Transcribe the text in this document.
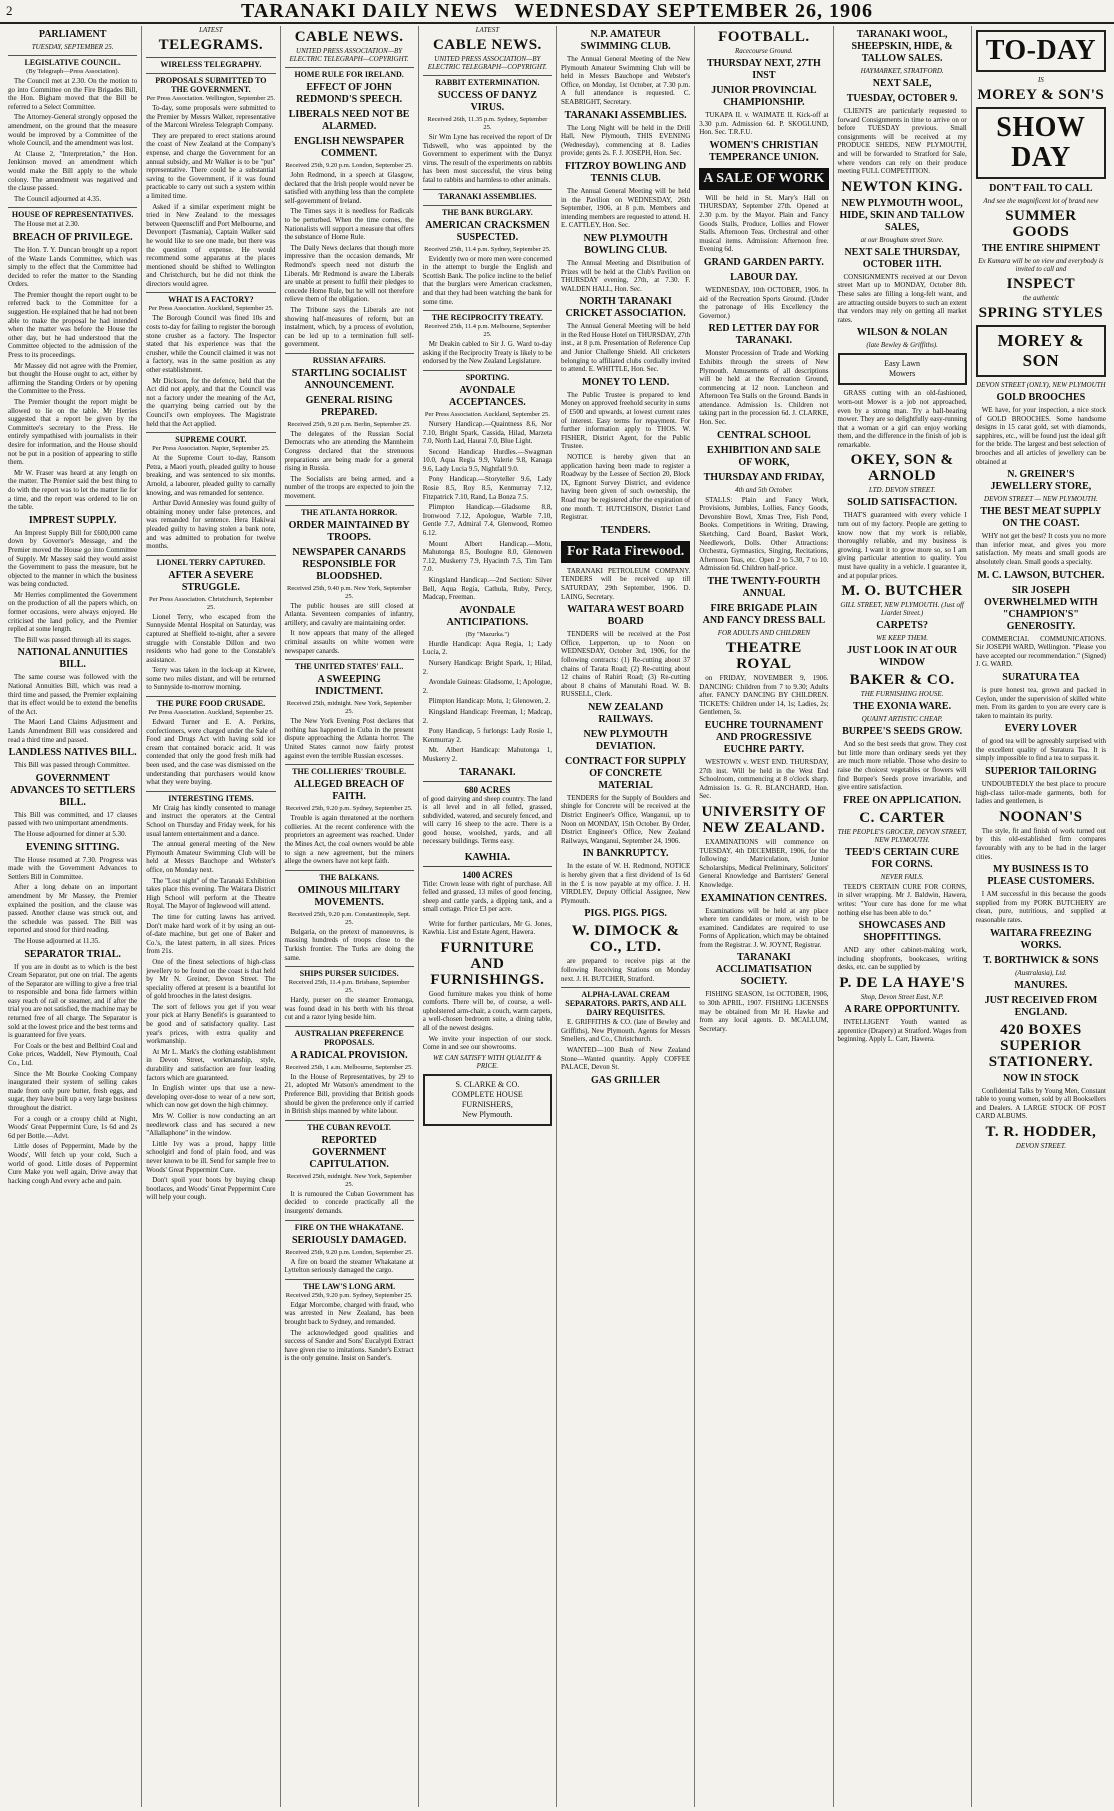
2	TARANAKI DAILY NEWS WEDNESDAY SEPTEMBER 26, 1906
PARLIAMENT
TUESDAY, SEPTEMBER 25.
LEGISLATIVE COUNCIL.
(By Telegraph—Press Association).

The Council met at 2.30. On the motion to go into Committee on the Fire Brigades Bill, the Hon. Bigham moved that the Bill be referred to a Select Committee.

The Attorney-General strongly opposed the amendment, on the ground that the measure would be improved by a Committee of the whole Council, and the amendment was lost.

At Clause 2, "Interpretation," the Hon. Jenkinson moved an amendment which would make the Bill apply to the whole colony. The amendment was negatived and the clause passed.

The Council adjourned at 4.35.

HOUSE OF REPRESENTATIVES.

The House met at 2.30.

BREACH OF PRIVILEGE.

The Hon. T. Y. Duncan brought up a report of the Waste Lands Committee, which was simply to the effect that the Committee had decided to refer the matter to the Standing Orders.

The Premier thought the report ought to be referred back to the Committee for a suggestion. He explained that he had not been able to make the proposal he had intended when the matter was before the House the other day, but he had understood that the Committee objected to the admission of the Press to its proceedings.

Mr Massey did not agree with the Premier, but thought the House ought to act, either by affirming the Standing Orders or by opening the Committee to the Press.

The Premier thought the report might be allowed to lie on the table. Mr Herries suggested that a report be given by the Committee's secretary to the Press. He entirely sympathised with journalists in their desire for information, and the House should not be put in a position of appearing to stifle them.

Mr W. Fraser was heard at any length on the matter. The Premier said the best thing to do with the report was to let the matter lie for a time, and the report was ordered to lie on the table.

IMPREST SUPPLY.

An Imprest Supply Bill for £600,000 came down by Governor's Message, and the Premier moved the House go into Committee of Supply. Mr Massey said they would assist the Government to pass the measure, but he objected to the manner in which the business was being conducted.

Mr Herries complimented the Government on the production of all the papers which, on former occasions, were always enjoyed. He criticised the land policy, and the Premier replied at some length.

The Bill was passed through all its stages.

NATIONAL ANNUITIES BILL.

The same course was followed with the National Annuities Bill, which was read a third time and passed, the Premier explaining that its effect would be to extend the benefits of the Act.

The Maori Land Claims Adjustment and Lands Amendment Bill was considered and read a third time and passed.

LANDLESS NATIVES BILL.

This Bill was passed through Committee.

GOVERNMENT ADVANCES TO SETTLERS BILL.

This Bill was committed, and 17 clauses passed with two unimportant amendments.

The House adjourned for dinner at 5.30.

EVENING SITTING.

The House resumed at 7.30. Progress was made with the Government Advances to Settlers Bill in Committee.

After a long debate on an important amendment by Mr Massey, the Premier explained the position, and the clause was passed. Another clause was struck out, and the schedule was passed. The Bill was reported and stood for third reading.

The House adjourned at 11.35.

SEPARATOR TRIAL.

If you are in doubt as to which is the best Cream Separator, put one on trial. The agents of the Separator are willing to give a free trial to responsible and bona fide farmers within easy reach of rail or steamer, and if after the trial you are not satisfied, the machine may be returned free of all charge. The Separator is sold at the lowest price and the best terms and is guaranteed for five years.

For Coals or the best and Bellbird Coal and Coke prices, Waddell, New Plymouth, Coal Co., Ltd.

Since the Mt Bourke Cooking Company inaugurated their system of selling cakes made from only pure butter, fresh eggs, and sugar, they have built up a very large business throughout the district.

For a cough or a croupy child at Night, Woods' Great Peppermint Cure, 1s 6d and 2s 6d per Bottle.—Advt.

Little doses of Peppermint, Made by the Woods', Will fetch up your cold, Such a world of good. Little doses of Peppermint Cure Make you well again, Drive away that hacking cough And every ache and pain.

LATEST
TELEGRAMS.
WIRELESS TELEGRAPHY.
PROPOSALS SUBMITTED TO THE GOVERNMENT.
Per Press Association. Wellington, September 25.

To-day, some proposals were submitted to the Premier by Messrs Walker, representative of the Marconi Wireless Telegraph Company.

They are prepared to erect stations around the coast of New Zealand at the Company's expense, and charge the Government for an annual subsidy, and Mr Walker is to be "put" representative. There could be a substantial saving to the Government, if it was found practicable to carry out such a system within a limited time.

Asked if a similar experiment might be tried in New Zealand to the messages between Queenscliff and Port Melbourne, and Devonport (Tasmania), Captain Walker said he would like to see one made, but there was the question of expense. He would recommend some apparatus at the places mentioned should be shifted to Wellington and Christchurch, but he did not think the directors would agree.

WHAT IS A FACTORY?
Per Press Association. Auckland, September 25.

The Borough Council was fined 10s and costs to-day for failing to register the borough stone crusher as a factory. The Inspector stated that his experience was that the crusher, while the Council claimed it was not a factory, was in the same position as any other establishment.

Mr Dickson, for the defence, held that the Act did not apply, and that the Council was not a factory under the meaning of the Act, the quarrying being carried out by the Council's own employees. The Magistrate held that the Act applied.

SUPREME COURT.
Per Press Association. Napier, September 25.

At the Supreme Court to-day, Ransom Petra, a Maori youth, pleaded guilty to house breaking, and was sentenced to six months. Arnold, a labourer, pleaded guilty to carnally knowing, and was remanded for sentence.

Arthur David Annesley was found guilty of obtaining money under false pretences, and was remanded for sentence. Hera Hakiwai pleaded guilty to having stolen a bank note, and was admitted to probation for twelve months.

LIONEL TERRY CAPTURED.
AFTER A SEVERE STRUGGLE.
Per Press Association. Christchurch, September 25.

Lionel Terry, who escaped from the Sunnyside Mental Hospital on Saturday, was captured at Sheffield to-night, after a severe struggle with Constable Dillon and two residents who had gone to the Constable's assistance.

Terry was taken in the lock-up at Kirwee, some two miles distant, and will be returned to Sunnyside to-morrow morning.

THE PURE FOOD CRUSADE.
Per Press Association. Auckland, September 25.

Edward Turner and E. A. Perkins, confectioners, were charged under the Sale of Food and Drugs Act with having sold ice cream that contained boracic acid. It was contended that only the good fresh milk had been used, and the case was dismissed on the understanding that purchasers would know what they were buying.

INTERESTING ITEMS.

Mr Craig has kindly consented to manage and instruct the operators at the Central School on Thursday and Friday week, for his usual lantern entertainment and a dance.

The annual general meeting of the New Plymouth Amateur Swimming Club will be held at Messrs Bauchope and Webster's office, on Monday next.

The "Lost night" of the Taranaki Exhibition takes place this evening. The Waitara District High School will perform at the Theatre Royal. The Mayor of Inglewood will attend.

The time for cutting lawns has arrived. Don't make hard work of it by using an out-of-date machine, but get one of Baker and Co.'s, the latest pattern, in all sizes. Prices from 21s.

One of the finest selections of high-class jewellery to be found on the coast is that held by Mr N. Greiner, Devon Street. The speciality offered at present is a beautiful lot of gold brooches in the latest designs.

The sort of fellows you get if you wear your pick at Harry Benefit's is guaranteed to be good and of satisfactory quality. Last year's prices, with extra quality and workmanship.

At Mr L. Mark's the clothing establishment in Devon Street, workmanship, style, durability and satisfaction are four leading factors which are guaranteed.

In English winter ups that use a new-developing over-dose to wear of a new sort, which can now get down the high chimney.

Mrs W. Collier is now conducting an art needlework class and has secured a new "Allallaphone" in the window.

Little Ivy was a proud, happy little schoolgirl and fond of plain food, and was never known to be ill. Send for sample free to Woods' Great Peppermint Cure.

Don't spoil your boots by buying cheap bootlaces, and Woods' Great Peppermint Cure will help your cough.

CABLE NEWS.
UNITED PRESS ASSOCIATION—BY ELECTRIC TELEGRAPH—COPYRIGHT.
HOME RULE FOR IRELAND.
EFFECT OF JOHN REDMOND'S SPEECH.
LIBERALS NEED NOT BE ALARMED.
ENGLISH NEWSPAPER COMMENT.
Received 25th, 9.20 p.m. London, September 25.

John Redmond, in a speech at Glasgow, declared that the Irish people would never be satisfied with anything less than the complete self-government of Ireland.

The Times says it is needless for Radicals to be perturbed. When the time comes, the Nationalists will support a measure that offers the substance of Home Rule.

The Daily News declares that though more impressive than the occasion demands, Mr Redmond's speech need not disturb the Liberals. Mr Redmond is aware the Liberals are unable at present to fulfil their pledges to concede Home Rule, but he will not therefore relieve them of the obligation.

The Tribune says the Liberals are not showing half-measures of reform, but an instalment, which, by a process of evolution, can be led up to a termination full self-government.

RUSSIAN AFFAIRS.
STARTLING SOCIALIST ANNOUNCEMENT.
GENERAL RISING PREPARED.
Received 25th, 9.20 p.m. Berlin, September 25.

The delegates of the Russian Social Democrats who are attending the Mannheim Congress declared that the strenuous preparations are being made for a general rising in Russia.

The Socialists are being armed, and a number of the troops are expected to join the movement.

THE ATLANTA HORROR.
ORDER MAINTAINED BY TROOPS.
NEWSPAPER CANARDS RESPONSIBLE FOR BLOODSHED.
Received 25th, 9.40 p.m. New York, September 25.

The public houses are still closed at Atlanta. Seventeen companies of infantry, artillery, and cavalry are maintaining order.

It now appears that many of the alleged criminal assaults on white women were newspaper canards.

THE UNITED STATES' FALL.
A SWEEPING INDICTMENT.
Received 25th, midnight. New York, September 25.

The New York Evening Post declares that nothing has happened in Cuba in the present dispute approaching the Atlanta horror. The United States cannot now fairly protest against even the terrible Russian excesses.

THE COLLIERIES' TROUBLE.
ALLEGED BREACH OF FAITH.
Received 25th, 9.20 p.m. Sydney, September 25.

Trouble is again threatened at the northern collieries. At the recent conference with the proprietors an agreement was reached. Under the Mines Act, the coal owners would be able to sign a new agreement, but the miners allege the owners have not kept faith.

THE BALKANS.
OMINOUS MILITARY MOVEMENTS.
Received 25th, 9.20 p.m. Constantinople, Sept. 25.

Bulgaria, on the pretext of manoeuvres, is massing hundreds of troops close to the Turkish frontier. The Turks are doing the same.

SHIPS PURSER SUICIDES.
Received 25th, 11.4 p.m. Brisbane, September 25.

Hardy, purser on the steamer Eromanga, was found dead in his berth with his throat cut and a razor lying beside him.

AUSTRALIAN PREFERENCE PROPOSALS.
A RADICAL PROVISION.
Received 25th, 1 a.m. Melbourne, September 25.

In the House of Representatives, by 29 to 21, adopted Mr Watson's amendment to the Preference Bill, providing that British goods should be given the preference only if carried in British ships manned by white labour.

THE CUBAN REVOLT.
REPORTED GOVERNMENT CAPITULATION.
Received 25th, midnight. New York, September 25.

It is rumoured the Cuban Government has decided to concede practically all the insurgents' demands.

FIRE ON THE WHAKATANE.
SERIOUSLY DAMAGED.
Received 25th, 9.20 p.m. London, September 25.

A fire on board the steamer Whakatane at Lyttelton seriously damaged the cargo.

THE LAW'S LONG ARM.
Received 25th, 9.20 p.m. Sydney, September 25.

Edgar Morcombe, charged with fraud, who was arrested in New Zealand, has been brought back to Sydney, and remanded.

The acknowledged good qualities and success of Sander and Sons' Eucalypti Extract have given rise to imitations. Sander's Extract is the only genuine. Insist on Sander's.

LATEST
CABLE NEWS.
UNITED PRESS ASSOCIATION—BY ELECTRIC TELEGRAPH—COPYRIGHT.
RABBIT EXTERMINATION.
SUCCESS OF DANYZ VIRUS.
Received 26th, 11.35 p.m. Sydney, September 25.

Sir Wm Lyne has received the report of Dr Tidswell, who was appointed by the Government to experiment with the Danyz virus. The result of the experiments on rabbits has been most successful, the virus being fatal to rabbits and harmless to other animals.

TARANAKI ASSEMBLIES.
THE BANK BURGLARY.
AMERICAN CRACKSMEN SUSPECTED.
Received 25th, 11.4 p.m. Sydney, September 25.

Evidently two or more men were concerned in the attempt to burgle the English and Scottish Bank. The police incline to the belief that the burglars were American cracksmen, and that they had been watching the bank for some time.

THE RECIPROCITY TREATY.
Received 25th, 11.4 p.m. Melbourne, September 25.

Mr Deakin cabled to Sir J. G. Ward to-day asking if the Reciprocity Treaty is likely to be endorsed by the New Zealand Legislature.

SPORTING.
AVONDALE ACCEPTANCES.
Per Press Association. Auckland, September 25.

Nursery Handicap.—Quaintness 8.6, Nor 7.10, Bright Spark, Cassida, Hilad, Marzeta 7.0, North Lad, Haurai 7.0, Blue Light.

Second Handicap Hurdles.—Swagman 10.0, Aqua Regia 9.9, Valerie 9.8, Kanaga 9.6, Lady Lucia 9.5, Nightfall 9.0.

Pony Handicap.—Storyteller 9.6, Lady Rosie 8.5, Roy 8.5, Kenmurray 7.12, Fitzpatrick 7.10, Rand, La Bonza 7.5.

Plimpton Handicap.—Gladsome 8.8, Ironwood 7.12, Apologue, Warble 7.10, Gentle 7.7, Admiral 7.4, Glenwood, Romeo 6.12.

Mount Albert Handicap.—Motu, Mahutonga 8.5, Boulogne 8.0, Glenowen 7.12, Muskerry 7.9, Hyacinth 7.5, Tim Tam 7.0.

Kingsland Handicap.—2nd Section: Silver Bell, Aqua Regia, Cathula, Ruby, Percy, Madcap, Freeman.

AVONDALE ANTICIPATIONS.
(By "Mazurka.")

Hurdle Handicap: Aqua Regia, 1; Lady Lucia, 2.

Nursery Handicap: Bright Spark, 1; Hilad, 2.

Avondale Guineas: Gladsome, 1; Apologue, 2.

Plimpton Handicap: Motu, 1; Glenowen, 2.

Kingsland Handicap: Freeman, 1; Madcap, 2.

Pony Handicap, 5 furlongs: Lady Rosie 1, Kenmurray 2.

Mt. Albert Handicap: Mahutonga 1, Muskerry 2.

TARANAKI.
680 ACRES
of good dairying and sheep country. The land is all level and in all felled, grassed, subdivided, watered, and securely fenced, and will carry 16 sheep to the acre. There is a good house, woolshed, yards, and all necessary buildings. Terms easy.
KAWHIA.
1400 ACRES
Title: Crown lease with right of purchase. All felled and grassed, 13 miles of good fencing, sheep and cattle yards, a dipping tank, and a small cottage. Price £3 per acre.

Write for further particulars, Mr G. Jones, Kawhia. List and Estate Agent, Hawera.

FURNITURE AND FURNISHINGS.

Good furniture makes you think of home comforts. There will be, of course, a well-upholstered arm-chair, a couch, warm carpets, a well-chosen bedroom suite, a dining table, all of the newest designs.

We invite your inspection of our stock. Come in and see our showrooms.

WE CAN SATISFY WITH QUALITY & PRICE.
S. CLARKE & CO.
COMPLETE HOUSE FURNISHERS,
New Plymouth.
N.P. AMATEUR SWIMMING CLUB.

The Annual General Meeting of the New Plymouth Amateur Swimming Club will be held in Messrs Bauchope and Webster's Office, on Monday, 1st October, at 7.30 p.m. A full attendance is requested. C. SEABRIGHT, Secretary.

TARANAKI ASSEMBLIES.

The Long Night will be held in the Drill Hall, New Plymouth, THIS EVENING (Wednesday), commencing at 8. Ladies provide; gents 2s. F. J. JOSEPH, Hon. Sec.

FITZROY BOWLING AND TENNIS CLUB.

The Annual General Meeting will be held in the Pavilion on WEDNESDAY, 26th September, 1906, at 8 p.m. Members and intending members are requested to attend. H. E. CATTLEY, Hon. Sec.

NEW PLYMOUTH BOWLING CLUB.

The Annual Meeting and Distribution of Prizes will be held at the Club's Pavilion on THURSDAY evening, 27th, at 7.30. F. WALDEN HALL, Hon. Sec.

NORTH TARANAKI CRICKET ASSOCIATION.

The Annual General Meeting will be held in the Red House Hotel on THURSDAY, 27th inst., at 8 p.m. Presentation of Reference Cup and Junior Challenge Shield. All cricketers belonging to affiliated clubs cordially invited to attend. E. WHITTLE, Hon. Sec.

MONEY TO LEND.

The Public Trustee is prepared to lend Money on approved freehold security in sums of £500 and upwards, at lowest current rates of interest. Easy terms for repayment. For further information apply to THOS. W. FISHER, District Agent, for the Public Trustee.

NOTICE is hereby given that an application having been made to register a Roadway by the Lessee of Section 20, Block IX, Egmont Survey District, and evidence having been given of such ownership, the Road may be registered after the expiration of one month. T. HUTCHISON, District Land Registrar.

TENDERS.
For Rata Firewood.

TARANAKI PETROLEUM COMPANY. TENDERS will be received up till SATURDAY, 29th September, 1906. D. LAING, Secretary.

WAITARA WEST BOARD BOARD

TENDERS will be received at the Post Office, Lepperton, up to Noon on WEDNESDAY, October 3rd, 1906, for the following contracts: (1) Re-cutting about 37 chains of Tarata Road; (2) Re-cutting about 12 chains of Rahiri Road; (3) Re-cutting about 8 chains of Manutahi Road. W. B. RUSSELL, Clerk.

NEW ZEALAND RAILWAYS.
NEW PLYMOUTH DEVIATION.
CONTRACT FOR SUPPLY OF CONCRETE MATERIAL

TENDERS for the Supply of Boulders and shingle for Concrete will be received at the District Engineer's Office, Wanganui, up to Noon on MONDAY, 15th October. By Order, District Engineer's Office, New Zealand Railways, Wanganui, September 24, 1906.

IN BANKRUPTCY.

In the estate of W. H. Redmond, NOTICE is hereby given that a first dividend of 1s 6d in the £ is now payable at my office. J. H. VIRDLEY, Deputy Official Assignee, New Plymouth.

PIGS. PIGS. PIGS.
W. DIMOCK & CO., LTD.

are prepared to receive pigs at the following Receiving Stations on Monday next. J. H. BUTCHER, Stratford.

ALPHA-LAVAL CREAM SEPARATORS. PARTS, AND ALL DAIRY REQUISITES.

E. GRIFFITHS & CO. (late of Bewley and Griffiths), New Plymouth. Agents for Messrs Smellers, and Co., Christchurch.

WANTED—100 Bush of New Zealand Stone—Wanted quantity. Apply COFFEE PALACE, Devon St.

GAS GRILLER
FOOTBALL.
Racecourse Ground.
THURSDAY NEXT, 27TH INST
JUNIOR PROVINCIAL CHAMPIONSHIP.

TUKAPA II. v. WAIMATE II. Kick-off at 3.30 p.m. Admission 6d. P. SKOGLUND, Hon. Sec. T.R.F.U.

WOMEN'S CHRISTIAN TEMPERANCE UNION.
A SALE OF WORK

Will be held in St. Mary's Hall on THURSDAY, September 27th. Opened at 2.30 p.m. by the Mayor. Plain and Fancy Goods Stalls, Produce, Lollies and Flower Stalls. Afternoon Teas. Orchestral and other musical items. Admission: Afternoon free. Evening 6d.

GRAND GARDEN PARTY.
LABOUR DAY.

WEDNESDAY, 10th OCTOBER, 1906. In aid of the Recreation Sports Ground. (Under the patronage of His Excellency the Governor.)

RED LETTER DAY FOR TARANAKI.

Monster Procession of Trade and Working Exhibits through the streets of New Plymouth. Amusements of all descriptions will be held at the Recreation Ground, commencing at 12 noon. Luncheon and Afternoon Tea Stalls on the Ground. Bands in attendance. Admission 1s. Children not taking part in the procession 6d. J. CLARKE, Hon. Sec.

CENTRAL SCHOOL
EXHIBITION AND SALE OF WORK,
THURSDAY AND FRIDAY,
4th and 5th October.

STALLS: Plain and Fancy Work, Provisions, Jumbles, Lollies, Fancy Goods, Devonshire Bowl, Xmas Tree, Fish Pond, Books. Competitions in Writing, Drawing, Sketching, Card Board, Basket Work, Needlework, Dolls. Other Attractions: Orchestra, Gymnastics, Singing, Recitations, Afternoon Teas, etc. Open 2 to 5.30, 7 to 10. Admission 6d. Children half-price.

THE TWENTY-FOURTH ANNUAL
FIRE BRIGADE PLAIN AND FANCY DRESS BALL
FOR ADULTS AND CHILDREN
THEATRE ROYAL

on FRIDAY, NOVEMBER 9, 1906. DANCING: Children from 7 to 9.30; Adults after. FANCY DANCING BY CHILDREN. TICKETS: Children under 14, 1s; Ladies, 2s; Gentlemen, 5s.

EUCHRE TOURNAMENT AND PROGRESSIVE EUCHRE PARTY.

WESTOWN v. WEST END. THURSDAY, 27th inst. Will be held in the West End Schoolroom, commencing at 8 o'clock sharp. Admission 1s. G. R. BLANCHARD, Hon. Sec.

UNIVERSITY OF NEW ZEALAND.

EXAMINATIONS will commence on TUESDAY, 4th DECEMBER, 1906, for the following: Matriculation, Junior Scholarships, Medical Preliminary, Solicitors' General Knowledge and Barristers' General Knowledge.

EXAMINATION CENTRES.

Examinations will be held at any place where ten candidates or more, wish to be examined. Candidates are required to use Forms of Application, which may be obtained from the Registrar. J. W. JOYNT, Registrar.

TARANAKI ACCLIMATISATION SOCIETY.

FISHING SEASON, 1st OCTOBER, 1906, to 30th APRIL, 1907. FISHING LICENSES may be obtained from Mr H. Hawke and from any local agents. D. MCALLUM, Secretary.

TARANAKI WOOL, SHEEPSKIN, HIDE, & TALLOW SALES.
HAYMARKET, STRATFORD.
NEXT SALE,
TUESDAY, OCTOBER 9.

CLIENTS are particularly requested to forward Consignments in time to arrive on or before TUESDAY previous. Small consignments will be received at my PRODUCE SHEDS, NEW PLYMOUTH, and will be forwarded to Stratford for Sale, where vendors can rely on their produce meeting FULL COMPETITION.

NEWTON KING.
NEW PLYMOUTH WOOL, HIDE, SKIN AND TALLOW SALES,
at our Brougham street Store.
NEXT SALE THURSDAY, OCTOBER 11TH.

CONSIGNMENTS received at our Devon street Mart up to MONDAY, October 8th. These sales are filling a long-felt want, and are attracting outside buyers to such an extent that vendors may rely on getting all market rates.

WILSON & NOLAN
(late Bewley & Griffiths).
Easy Lawn
Mowers

GRASS cutting with an old-fashioned, worn-out Mower is a job not approached, even by a strong man. Try a ball-bearing mower. They are so delightfully easy-running that a woman or a girl can enjoy working them, and the difference in the finish of job is remarkable.

OKEY, SON & ARNOLD
LTD. DEVON STREET.
SOLID SATISFACTION.

THAT'S guaranteed with every vehicle I turn out of my factory. People are getting to know now that my work is reliable, thoroughly reliable, and my business is growing. I want it to grow more so, so I am giving particular attention to quality. You must have quality in a vehicle. I guarantee it, and at popular prices.

M. O. BUTCHER
GILL STREET, NEW PLYMOUTH. (Just off Liardet Street.)
CARPETS?
WE KEEP THEM.
JUST LOOK IN AT OUR WINDOW
BAKER & CO.
THE FURNISHING HOUSE.
THE EXONIA WARE.
QUAINT ARTISTIC CHEAP.
BURPEE'S SEEDS GROW.

And so the best seeds that grow. They cost but little more than ordinary seeds yet they are much more reliable. Those who desire to raise the choicest vegetables or flowers will find Burpee's Seeds prove invariable, and give entire satisfaction.

FREE ON APPLICATION.
C. CARTER
THE PEOPLE'S GROCER, DEVON STREET, NEW PLYMOUTH.
TEED'S CERTAIN CURE FOR CORNS.
NEVER FAILS.

TEED'S CERTAIN CURE FOR CORNS, in silver wrapping. Mr J. Baldwin, Hawera, writes: "Your cure has done for me what nothing else has been able to do."

SHOWCASES AND SHOPFITTINGS.

AND any other cabinet-making work, including shopfronts, bookcases, writing desks, etc. can be supplied by

P. DE LA HAYE'S
Shop, Devon Street East, N.P.
A RARE OPPORTUNITY.

INTELLIGENT Youth wanted as apprentice (Drapery) at Stratford. Wages from beginning. Apply L. Carr, Hawera.

TO-DAY
IS
MOREY & SON'S
SHOW DAY
DON'T FAIL TO CALL
And see the magnificent lot of brand new
SUMMER GOODS
THE ENTIRE SHIPMENT
Ex Kumara will be on view and everybody is invited to call and
INSPECT
the authentic
SPRING STYLES
MOREY & SON
DEVON STREET (ONLY), NEW PLYMOUTH
GOLD BROOCHES

WE have, for your inspection, a nice stock of GOLD BROOCHES. Some handsome designs in 15 carat gold, set with diamonds, sapphires, etc., will be found just the ideal gift for the bride. The largest and best selection of brooches and all articles of jewellery can be obtained at

N. GREINER'S JEWELLERY STORE,
DEVON STREET — NEW PLYMOUTH.
THE BEST MEAT SUPPLY ON THE COAST.

WHY not get the best? It costs you no more than inferior meat, and gives you more satisfaction. My meats and small goods are absolutely clean. Small goods a specialty.

M. C. LAWSON, BUTCHER.
SIR JOSEPH OVERWHELMED WITH "CHAMPION'S" GENEROSITY.

COMMERCIAL COMMUNICATIONS. Sir JOSEPH WARD, Wellington. "Please you have accepted our recommendation." (Signed) J. G. WARD.

SURATURA TEA

is pure honest tea, grown and packed in Ceylon, under the supervision of skilled white men. From its garden to you are every care is taken to maintain its purity.

EVERY LOVER

of good tea will be agreeably surprised with the excellent quality of Suratura Tea. It is simply impossible to find a tea to surpass it.

SUPERIOR TAILORING

UNDOUBTEDLY the best place to procure high-class tailor-made garments, both for ladies and gentlemen, is

NOONAN'S

The style, fit and finish of work turned out by this old-established firm compares favourably with any to be had in the larger cities.

MY BUSINESS IS TO PLEASE CUSTOMERS.

I AM successful in this because the goods supplied from my PORK BUTCHERY are clean, pure, nutritious, and supplied at reasonable rates.

WAITARA FREEZING WORKS.
T. BORTHWICK & SONS
(Australasia), Ltd.
MANURES.
JUST RECEIVED FROM ENGLAND.
420 BOXES SUPERIOR STATIONERY.
NOW IN STOCK

Confidential Talks by Young Men, Constant table to young women, sold by all Booksellers and Dealers. A LARGE STOCK OF POST CARD ALBUMS.

T. R. HODDER,
DEVON STREET.
